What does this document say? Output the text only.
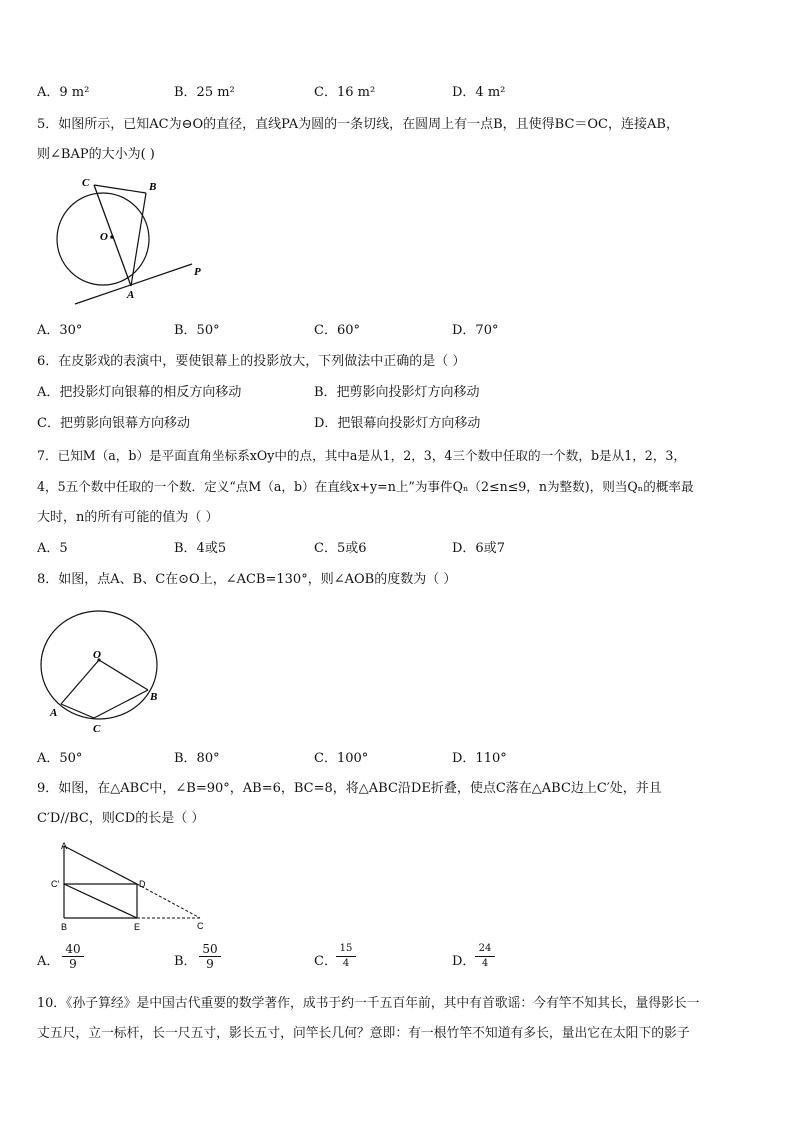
A．9 m²	B．25 m²	C．16 m²	D．4 m²
5．如图所示，已知AC为⊖O的直径，直线PA为圆的一条切线，在圆周上有一点B，且使得BC＝OC，连接AB，
则∠BAP的大小为( )
C	B
O
A
P
A．30°	B．50°	C．60°	D．70°
6．在皮影戏的表演中，要使银幕上的投影放大，下列做法中正确的是（ ）
A．把投影灯向银幕的相反方向移动	B．把剪影向投影灯方向移动
C．把剪影向银幕方向移动	D．把银幕向投影灯方向移动
7．已知M（a，b）是平面直角坐标系xOy中的点，其中a是从1，2，3，4三个数中任取的一个数，b是从1，2，3，
4，5五个数中任取的一个数．定义“点M（a，b）在直线x+y=n上”为事件Qₙ（2≤n≤9，n为整数)，则当Qₙ的概率最
大时，n的所有可能的值为（ ）
A．5	B．4或5	C．5或6	D．6或7
8．如图，点A、B、C在⊙O上，∠ACB=130°，则∠AOB的度数为（ ）
O
A
B
C
A．50°	B．80°	C．100°	D．110°
9．如图，在△ABC中，∠B=90°，AB=6，BC=8，将△ABC沿DE折叠，使点C落在△ABC边上C′处，并且
C′D//BC，则CD的长是（ ）
A
C'	D
B	E	C
A． $\frac{40}{9}$	B． $\frac{50}{9}$	C． $\frac{15}{4}$	D． $\frac{24}{4}$
10．《孙子算经》是中国古代重要的数学著作，成书于约一千五百年前，其中有首歌谣：今有竿不知其长，量得影长一
丈五尺，立一标杆，长一尺五寸，影长五寸，问竿长几何？意即：有一根竹竿不知道有多长，量出它在太阳下的影子
